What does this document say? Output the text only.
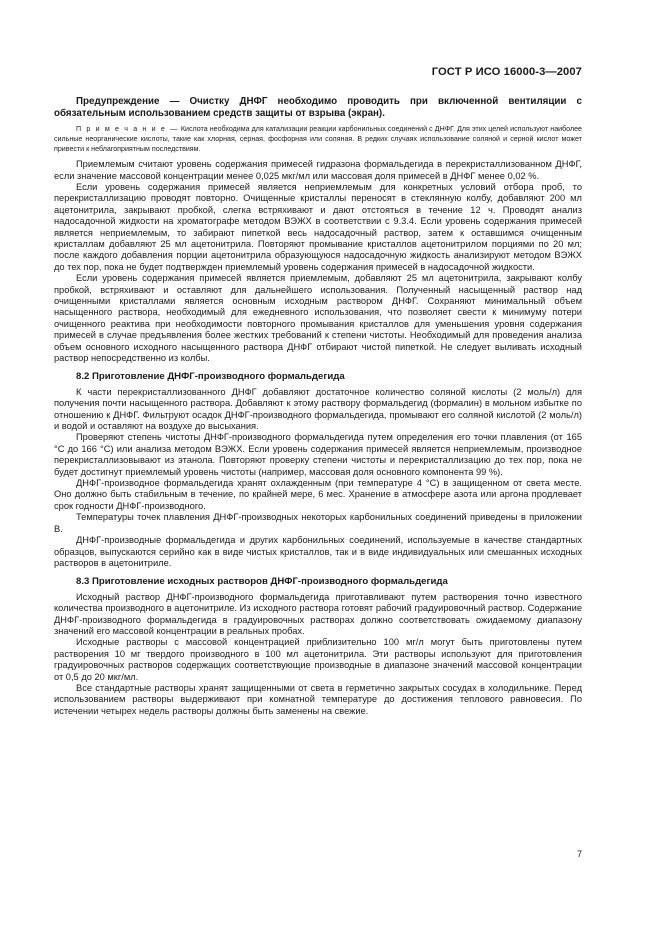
ГОСТ Р ИСО 16000-3—2007

Предупреждение — Очистку ДНФГ необходимо проводить при включенной вентиляции с обязательным использованием средств защиты от взрыва (экран).

П р и м е ч а н и е — Кислота необходима для катализации реакции карбонильных соединений с ДНФГ. Для этих целей используют наиболее сильные неорганические кислоты, такие как хлорная, серная, фосфорная или соляная. В редких случаях использование соляной и серной кислот может привести к неблагоприятным последствиям.

Приемлемым считают уровень содержания примесей гидразона формальдегида в перекристаллизованном ДНФГ, если значение массовой концентрации менее 0,025 мкг/мл или массовая доля примесей в ДНФГ менее 0,02 %.

Если уровень содержания примесей является неприемлемым для конкретных условий отбора проб, то перекристаллизацию проводят повторно. Очищенные кристаллы переносят в стеклянную колбу, добавляют 200 мл ацетонитрила, закрывают пробкой, слегка встряхивают и дают отстояться в течение 12 ч. Проводят анализ надосадочной жидкости на хроматографе методом ВЭЖХ в соответствии с 9.3.4. Если уровень содержания примесей является неприемлемым, то забирают пипеткой весь надосадочный раствор, затем к оставшимся очищенным кристаллам добавляют 25 мл ацетонитрила. Повторяют промывание кристаллов ацетонитрилом порциями по 20 мл; после каждого добавления порции ацетонитрила образующуюся надосадочную жидкость анализируют методом ВЭЖХ до тех пор, пока не будет подтвержден приемлемый уровень содержания примесей в надосадочной жидкости.

Если уровень содержания примесей является приемлемым, добавляют 25 мл ацетонитрила, закрывают колбу пробкой, встряхивают и оставляют для дальнейшего использования. Полученный насыщенный раствор над очищенными кристаллами является основным исходным раствором ДНФГ. Сохраняют минимальный объем насыщенного раствора, необходимый для ежедневного использования, что позволяет свести к минимуму потери очищенного реактива при необходимости повторного промывания кристаллов для уменьшения уровня содержания примесей в случае предъявления более жестких требований к степени чистоты. Необходимый для проведения анализа объем основного исходного насыщенного раствора ДНФГ отбирают чистой пипеткой. Не следует выливать исходный раствор непосредственно из колбы.

8.2 Приготовление ДНФГ-производного формальдегида

К части перекристаллизованного ДНФГ добавляют достаточное количество соляной кислоты (2 моль/л) для получения почти насыщенного раствора. Добавляют к этому раствору формальдегид (формалин) в мольном избытке по отношению к ДНФГ. Фильтруют осадок ДНФГ-производного формальдегида, промывают его соляной кислотой (2 моль/л) и водой и оставляют на воздухе до высыхания.

Проверяют степень чистоты ДНФГ-производного формальдегида путем определения его точки плавления (от 165 °С до 166 °С) или анализа методом ВЭЖХ. Если уровень содержания примесей является неприемлемым, производное перекристаллизовывают из этанола. Повторяют проверку степени чистоты и перекристаллизацию до тех пор, пока не будет достигнут приемлемый уровень чистоты (например, массовая доля основного компонента 99 %).

ДНФГ-производное формальдегида хранят охлажденным (при температуре 4 °С) в защищенном от света месте. Оно должно быть стабильным в течение, по крайней мере, 6 мес. Хранение в атмосфере азота или аргона продлевает срок годности ДНФГ-производного.

Температуры точек плавления ДНФГ-производных некоторых карбонильных соединений приведены в приложении В.

ДНФГ-производные формальдегида и других карбонильных соединений, используемые в качестве стандартных образцов, выпускаются серийно как в виде чистых кристаллов, так и в виде индивидуальных или смешанных исходных растворов в ацетонитриле.

8.3 Приготовление исходных растворов ДНФГ-производного формальдегида

Исходный раствор ДНФГ-производного формальдегида приготавливают путем растворения точно известного количества производного в ацетонитриле. Из исходного раствора готовят рабочий градуировочный раствор. Содержание ДНФГ-производного формальдегида в градуировочных растворах должно соответствовать ожидаемому диапазону значений его массовой концентрации в реальных пробах.

Исходные растворы с массовой концентрацией приблизительно 100 мг/л могут быть приготовлены путем растворения 10 мг твердого производного в 100 мл ацетонитрила. Эти растворы используют для приготовления градуировочных растворов содержащих соответствующие производные в диапазоне значений массовой концентрации от 0,5 до 20 мкг/мл.

Все стандартные растворы хранят защищенными от света в герметично закрытых сосудах в холодильнике. Перед использованием растворы выдерживают при комнатной температуре до достижения теплового равновесия. По истечении четырех недель растворы должны быть заменены на свежие.

7
